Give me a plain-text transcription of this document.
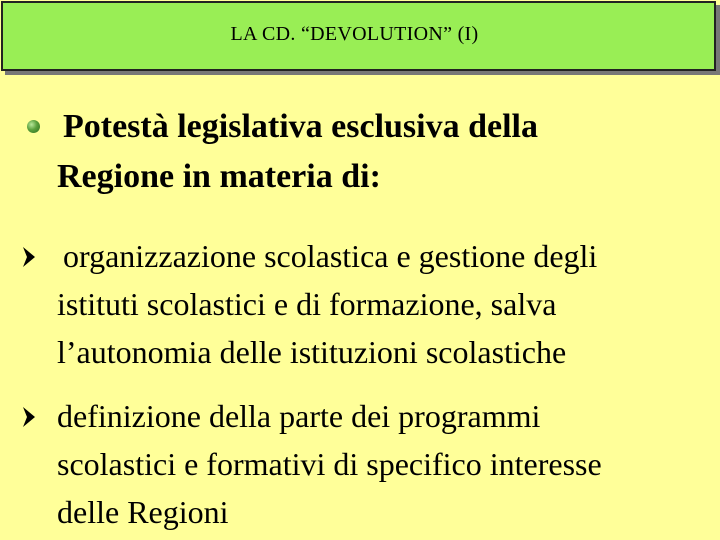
LA CD. “DEVOLUTION” (I)
Potestà legislativa esclusiva della
Regione in materia di:
organizzazione scolastica e gestione degli
istituti scolastici e di formazione, salva
l’autonomia delle istituzioni scolastiche
definizione della parte dei programmi
scolastici e formativi di specifico interesse
delle Regioni
